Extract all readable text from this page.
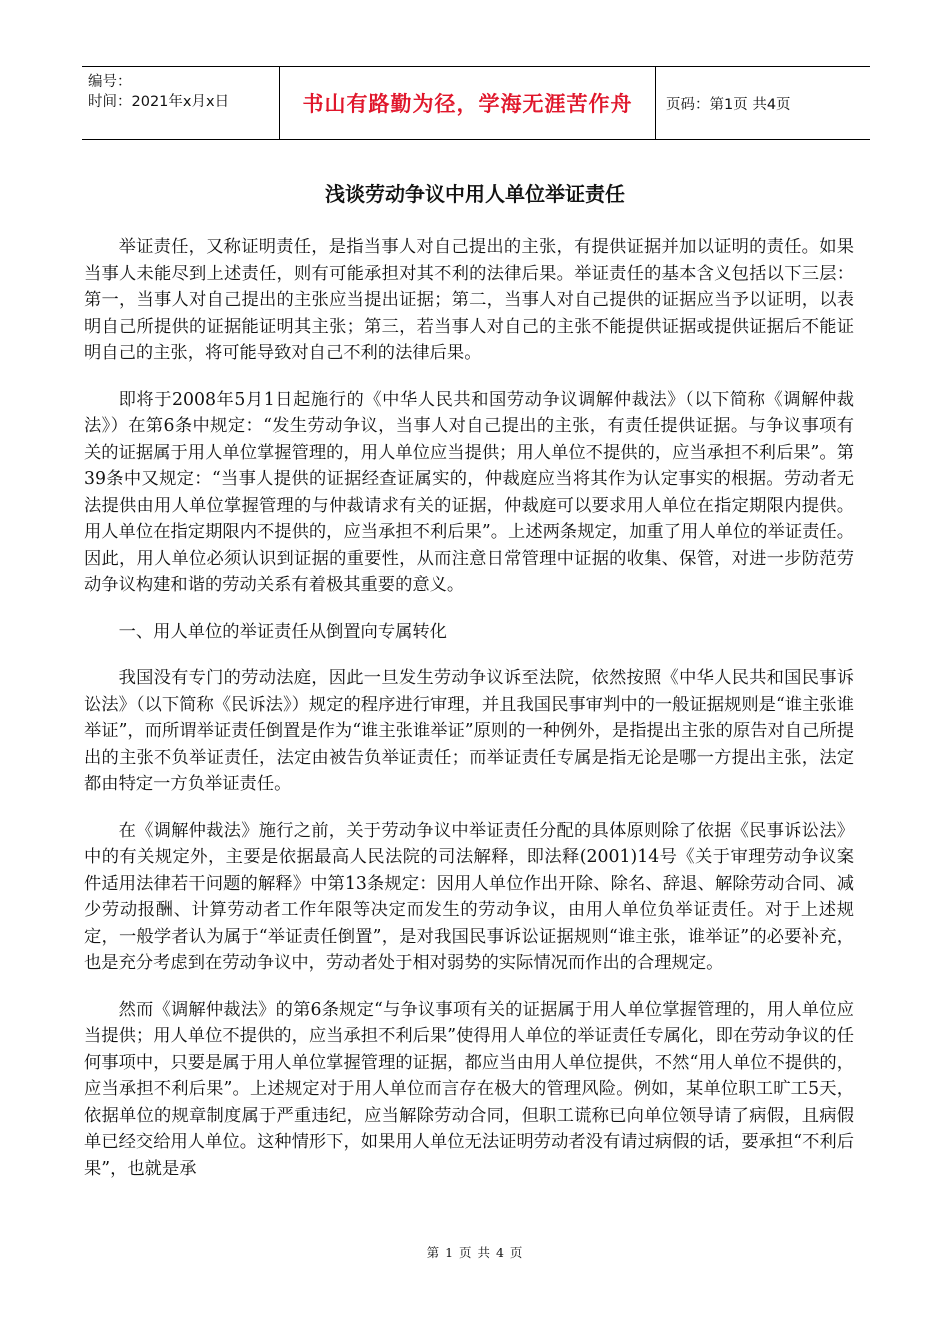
编号：
时间：2021年x月x日	书山有路勤为径，学海无涯苦作舟	页码：第1页 共4页
浅谈劳动争议中用人单位举证责任

举证责任，又称证明责任，是指当事人对自己提出的主张，有提供证据并加以证明的责任。如果当事人未能尽到上述责任，则有可能承担对其不利的法律后果。举证责任的基本含义包括以下三层：第一，当事人对自己提出的主张应当提出证据；第二，当事人对自己提供的证据应当予以证明，以表明自己所提供的证据能证明其主张；第三，若当事人对自己的主张不能提供证据或提供证据后不能证明自己的主张，将可能导致对自己不利的法律后果。

即将于2008年5月1日起施行的《中华人民共和国劳动争议调解仲裁法》（以下简称《调解仲裁法》）在第6条中规定：“发生劳动争议，当事人对自己提出的主张，有责任提供证据。与争议事项有关的证据属于用人单位掌握管理的，用人单位应当提供；用人单位不提供的，应当承担不利后果”。第39条中又规定：“当事人提供的证据经查证属实的，仲裁庭应当将其作为认定事实的根据。劳动者无法提供由用人单位掌握管理的与仲裁请求有关的证据，仲裁庭可以要求用人单位在指定期限内提供。用人单位在指定期限内不提供的，应当承担不利后果”。上述两条规定，加重了用人单位的举证责任。因此，用人单位必须认识到证据的重要性，从而注意日常管理中证据的收集、保管，对进一步防范劳动争议构建和谐的劳动关系有着极其重要的意义。

一、用人单位的举证责任从倒置向专属转化

我国没有专门的劳动法庭，因此一旦发生劳动争议诉至法院，依然按照《中华人民共和国民事诉讼法》（以下简称《民诉法》）规定的程序进行审理，并且我国民事审判中的一般证据规则是“谁主张谁举证”，而所谓举证责任倒置是作为“谁主张谁举证”原则的一种例外，是指提出主张的原告对自己所提出的主张不负举证责任，法定由被告负举证责任；而举证责任专属是指无论是哪一方提出主张，法定都由特定一方负举证责任。

在《调解仲裁法》施行之前，关于劳动争议中举证责任分配的具体原则除了依据《民事诉讼法》中的有关规定外，主要是依据最高人民法院的司法解释，即法释(2001)14号《关于审理劳动争议案件适用法律若干问题的解释》中第13条规定：因用人单位作出开除、除名、辞退、解除劳动合同、减少劳动报酬、计算劳动者工作年限等决定而发生的劳动争议，由用人单位负举证责任。对于上述规定，一般学者认为属于“举证责任倒置”，是对我国民事诉讼证据规则“谁主张，谁举证”的必要补充，也是充分考虑到在劳动争议中，劳动者处于相对弱势的实际情况而作出的合理规定。

然而《调解仲裁法》的第6条规定“与争议事项有关的证据属于用人单位掌握管理的，用人单位应当提供；用人单位不提供的，应当承担不利后果”使得用人单位的举证责任专属化，即在劳动争议的任何事项中，只要是属于用人单位掌握管理的证据，都应当由用人单位提供，不然“用人单位不提供的，应当承担不利后果”。上述规定对于用人单位而言存在极大的管理风险。例如，某单位职工旷工5天，依据单位的规章制度属于严重违纪，应当解除劳动合同，但职工谎称已向单位领导请了病假，且病假单已经交给用人单位。这种情形下，如果用人单位无法证明劳动者没有请过病假的话，要承担“不利后果”，也就是承

第 1 页 共 4 页
